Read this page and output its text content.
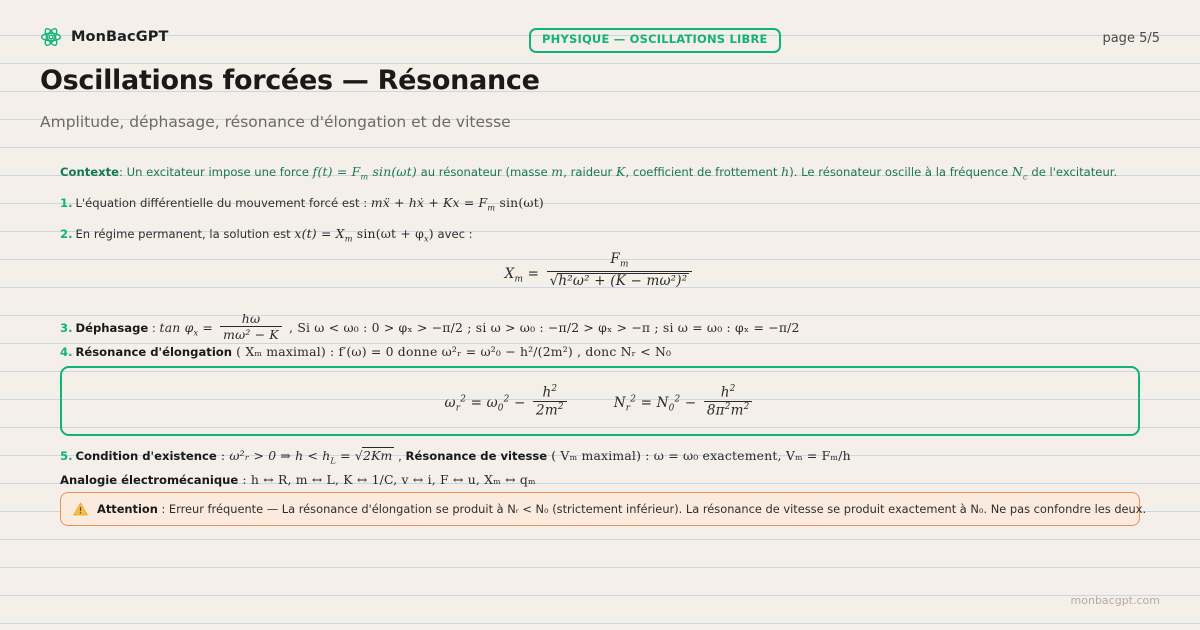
MonBacGPT	PHYSIQUE — OSCILLATIONS LIBRE	page 5/5
Oscillations forcées — Résonance
Amplitude, déphasage, résonance d'élongation et de vitesse
Contexte: Un excitateur impose une force $f(t) = F_m$ sin(ωt) au résonateur (masse m, raideur K, coefficient de frottement h). Le résonateur oscille à la fréquence $N_c$ de l'excitateur.
1. L'équation différentielle du mouvement forcé est : mẍ + hẋ + $Kx = F_m$ sin(ωt)
2. En régime permanent, la solution est $x(t) = X_m$ $\sin(\omega t + \varphi_x)$ avec :
$X_m = \frac{F_m}{\text{√h²ω² + (K − mω²)²}}$
3. Déphasage : $\tan \varphi_x = \frac{h\omega}{\text{mω² − K}}$ , Si ω < ω₀ : 0 > φₓ > −π/2 ; si ω > ω₀ : −π/2 > φₓ > −π ; si ω = ω₀ : φₓ = −π/2
4. Résonance d'élongation ( Xₘ maximal) : f′(ω) = 0 donne ω²ᵣ = ω²₀ − h²/(2m²) , donc Nᵣ < N₀
$\omega_r^2 = \omega_0^2 - \frac{h^2}{2m^2}$	$N_r^2 = N_0^2 - \frac{h^2}{8\pi^2m^2}$
5. Condition d'existence : ω²ᵣ > 0 ⇒ $h < h_L = √2Km$ , Résonance de vitesse ( Vₘ maximal) : ω = ω₀ exactement, Vₘ = Fₘ/h
Analogie électromécanique : h ↔ R, m ↔ L, K ↔ 1/C, v ↔ i, F ↔ u, Xₘ ↔ qₘ
Attention : Erreur fréquente — La résonance d'élongation se produit à Nᵣ < N₀ (strictement inférieur). La résonance de vitesse se produit exactement à N₀. Ne pas confondre les deux.
monbacgpt.com
